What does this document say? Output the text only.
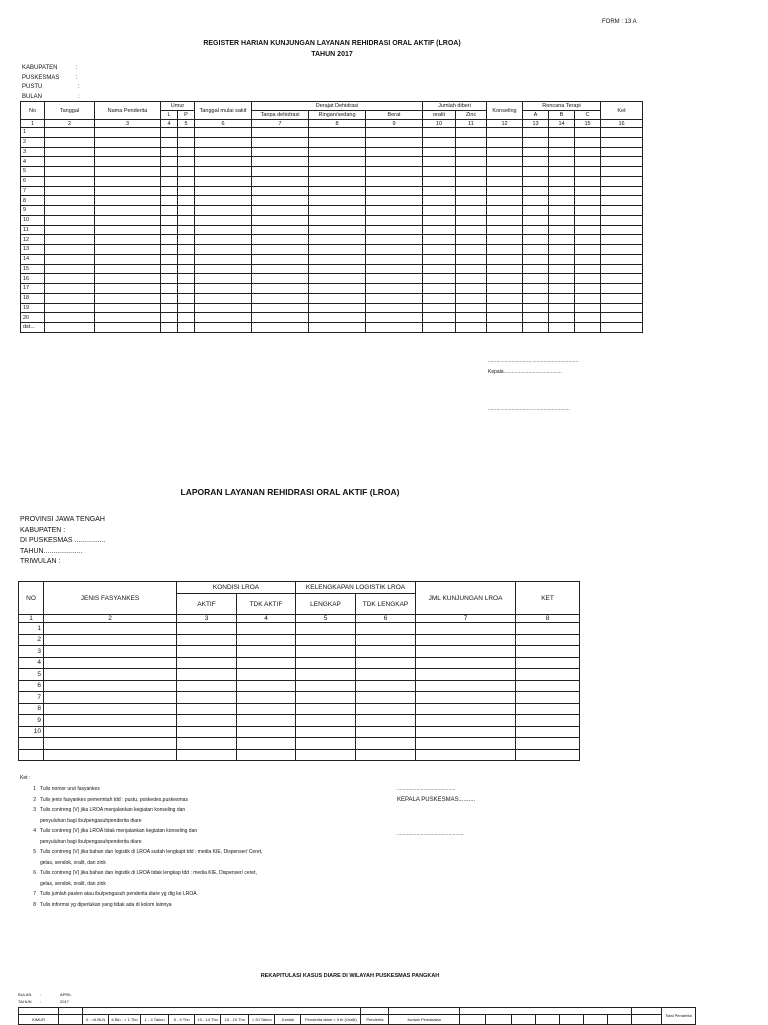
FORM : 13 A
REGISTER HARIAN KUNJUNGAN LAYANAN REHIDRASI ORAL AKTIF (LROA)
TAHUN 2017
KABUPATEN	:
PUSKESMAS	:
PUSTU	:
BULAN	:
No	Tanggal	Nama Penderita	Umur		Tanggal mulai sakit	Derajat Dehidrasi			Jumlah diberi		Konseling	Rencana Terapi			Ket
			L	P		Tanpa dehidrasi	Ringan/sedang	Berat	oralit	Zinc		A	B	C	
1	2	3	4	5	6	7	8	9	10	11	12	13	14	15	16
1															
2															
3															
4															
5															
6															
7															
8															
9															
10															
11															
12															
13															
14															
15															
16															
17															
18															
19															
20															
dst...															
.............................., .................................
Kepala..........................................
...........................................................
LAPORAN LAYANAN REHIDRASI ORAL AKTIF (LROA)
PROVINSI JAWA TENGAH
KABUPATEN :
DI PUSKESMAS ................
TAHUN....................
TRIWULAN :
NO	JENIS FASYANKES	KONDISI LROA		KELENGKAPAN LOGISTIK LROA		JML KUNJUNGAN LROA	KET
		AKTIF	TDK AKTIF	LENGKAP	TDK LENGKAP		
1	2	3	4	5	6	7	8
1							
2							
3							
4							
5							
6							
7							
8							
9							
10							

Ket :
1 Tulis nomor urut fasyankes
2 Tulis jenis fasyankes pemerintah tdd : pustu, poskedes,puskesmas
3 Tulis contreng (V) jika LROA menjalankan kegiatan konseling dan
penyuluhan bagi ibu/pengasuhpenderita diare
4 Tulis contreng (V) jika LROA tidak menjalankan kegiatan konseling dan
penyuluhan bagi ibu/pengasuhpenderita diare
5 Tulis contreng (V) jika bahan dan logistik di LROA sudah lengkapt tdd : media KIE, Dispenser/ Ceret,
gelas, sendok, oralit, dan zink
6 Tulis contreng (V) jika bahan dan logistik di LROA tidak lengkap tdd : media KIE, Dispenser/ ceret,
gelas, sendok, oralit, dan zink
7 Tulis jumlah pasien atau ibu/pengasuh penderita diare yg dtg ke LROA
8 Tulis informsi yg diperlukan yang tidak ada di kolom lainnya
..........................................
KEPALA PUSKESMAS..........
................................................
REKAPITULASI KASUS DIARE DI WILAYAH PUSKESMAS PANGKAH
BULAN	:	APRIL
TAHUN	:	2017
																					Total Penderita
KIMUR		0 - <6 BLN	6 Bln - < 1 Thn	1 - 4 Tahun	5 - 9 Thn	10 - 14 Thn	15 - 19 Thn	> 20 Tahun	Jumlah	Penderita diare < 5 th (Oralit)	Penderita	Jumlah Pemakaian									
